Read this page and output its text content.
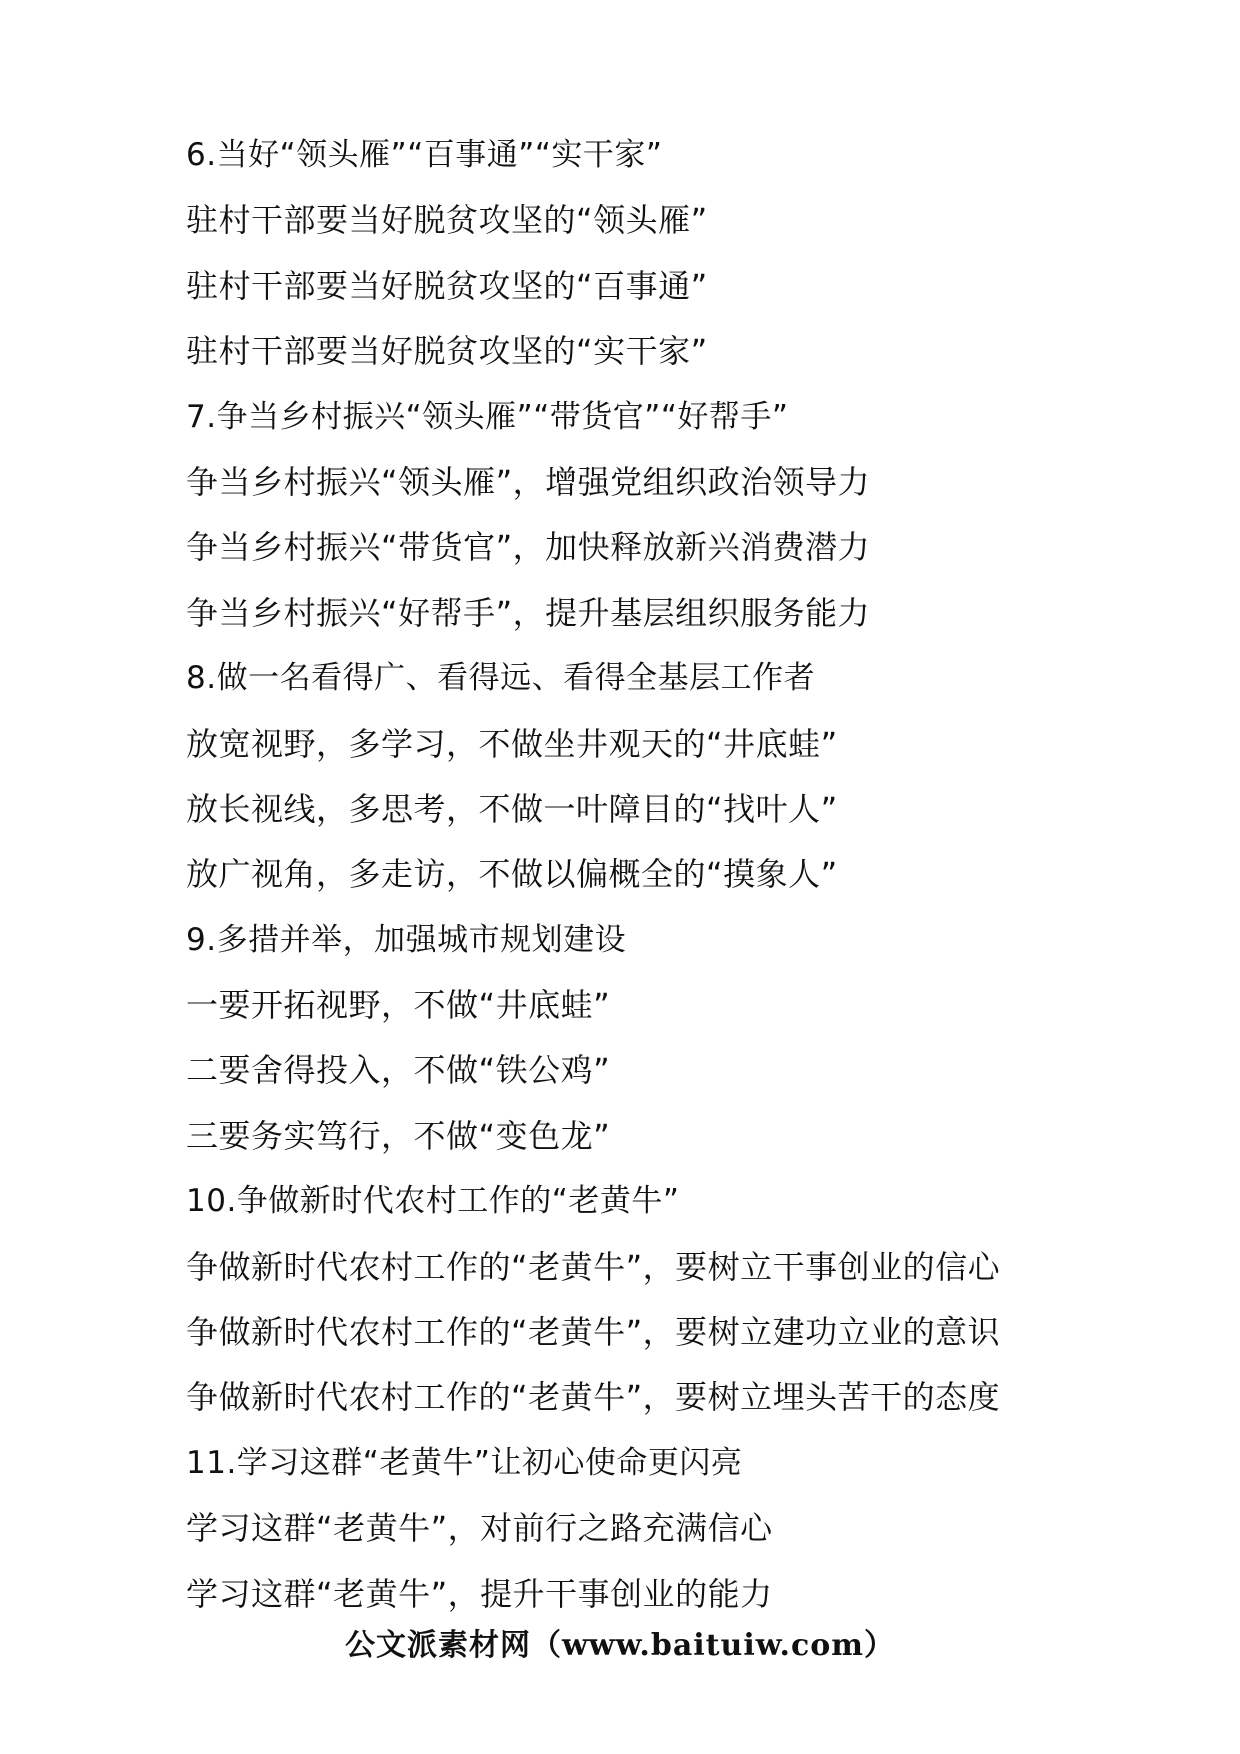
6.当好“领头雁”“百事通”“实干家”
驻村干部要当好脱贫攻坚的“领头雁”
驻村干部要当好脱贫攻坚的“百事通”
驻村干部要当好脱贫攻坚的“实干家”
7.争当乡村振兴“领头雁”“带货官”“好帮手”
争当乡村振兴“领头雁”，增强党组织政治领导力
争当乡村振兴“带货官”，加快释放新兴消费潜力
争当乡村振兴“好帮手”，提升基层组织服务能力
8.做一名看得广、看得远、看得全基层工作者
放宽视野，多学习，不做坐井观天的“井底蛙”
放长视线，多思考，不做一叶障目的“找叶人”
放广视角，多走访，不做以偏概全的“摸象人”
9.多措并举，加强城市规划建设
一要开拓视野，不做“井底蛙”
二要舍得投入，不做“铁公鸡”
三要务实笃行，不做“变色龙”
10.争做新时代农村工作的“老黄牛”
争做新时代农村工作的“老黄牛”，要树立干事创业的信心
争做新时代农村工作的“老黄牛”，要树立建功立业的意识
争做新时代农村工作的“老黄牛”，要树立埋头苦干的态度
11.学习这群“老黄牛”让初心使命更闪亮
学习这群“老黄牛”，对前行之路充满信心
学习这群“老黄牛”，提升干事创业的能力
公文派素材网（www.baituiw.com）
